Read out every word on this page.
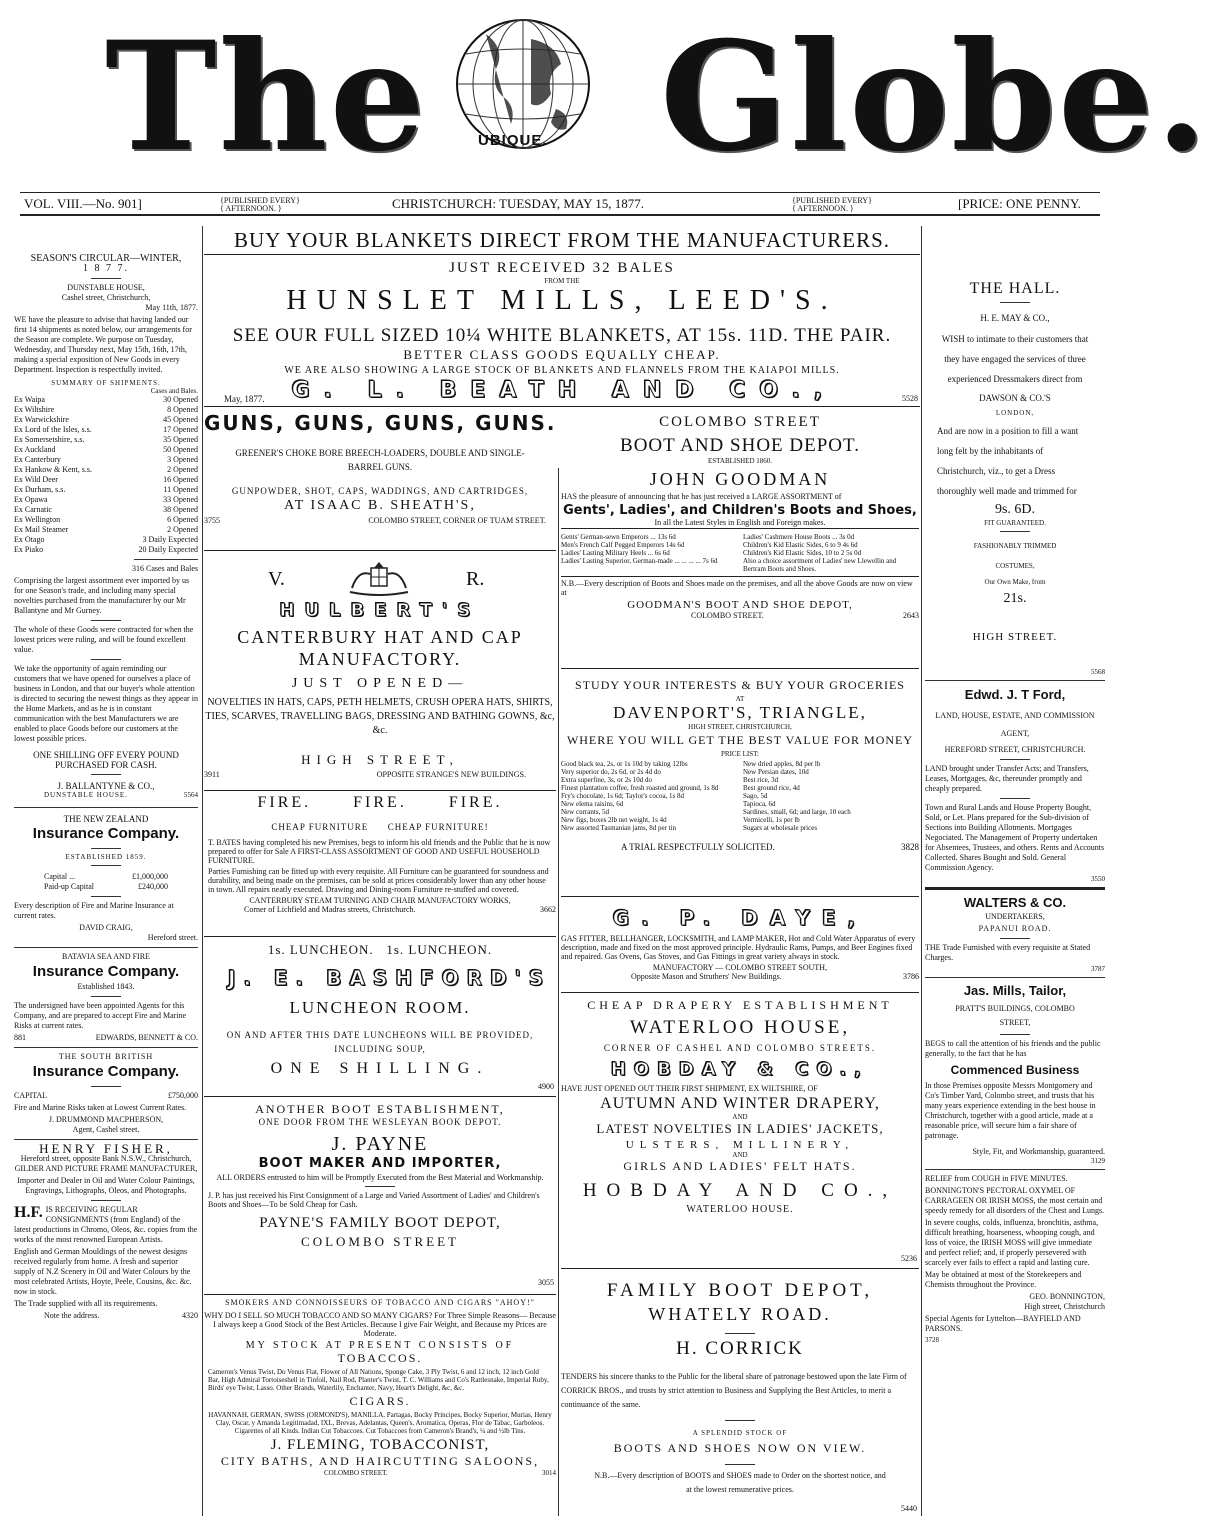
The	UBIQUE. Globe.
VOL. VIII.—No. 901]	{PUBLISHED EVERY}
{ AFTERNOON. }	CHRISTCHURCH: TUESDAY, MAY 15, 1877.	{PUBLISHED EVERY}
{ AFTERNOON. }	[PRICE: ONE PENNY.
SEASON'S CIRCULAR—WINTER,
1 8 7 7.
DUNSTABLE HOUSE,
Cashel street, Christchurch,
May 11th, 1877.

WE have the pleasure to advise that having landed our first 14 shipments as noted below, our arrangements for the Season are complete. We purpose on Tuesday, Wednesday, and Thursday next, May 15th, 16th, 17th, making a special exposition of New Goods in every Department. Inspection is respectfully invited.

SUMMARY OF SHIPMENTS.
Cases and Bales.
Ex Waipa	30 Opened
Ex Wiltshire	8 Opened
Ex Warwickshire	45 Opened
Ex Lord of the Isles, s.s.	17 Opened
Ex Somersetshire, s.s.	35 Opened
Ex Auckland	50 Opened
Ex Canterbury	3 Opened
Ex Hankow & Kent, s.s.	2 Opened
Ex Wild Deer	16 Opened
Ex Durham, s.s.	11 Opened
Ex Opawa	33 Opened
Ex Carnatic	38 Opened
Ex Wellington	6 Opened
Ex Mail Steamer	2 Opened
Ex Otago	3 Daily Expected
Ex Piako	20 Daily Expected
316 Cases and Bales

Comprising the largest assortment ever imported by us for one Season's trade, and including many special novelties purchased from the manufacturer by our Mr Ballantyne and Mr Gurney.

The whole of these Goods were contracted for when the lowest prices were ruling, and will be found excellent value.

We take the opportunity of again reminding our customers that we have opened for ourselves a place of business in London, and that our buyer's whole attention is directed to securing the newest things as they appear in the Home Markets, and as he is in constant communication with the best Manufacturers we are enabled to place Goods before our customers at the lowest possible prices.

ONE SHILLING OFF EVERY POUND PURCHASED FOR CASH.
J. BALLANTYNE & CO.,
DUNSTABLE HOUSE.	5564
THE NEW ZEALAND
Insurance Company.
ESTABLISHED 1859.
Capital ...	£1,000,000
Paid-up Capital	£240,000

Every description of Fire and Marine Insurance at current rates.

DAVID CRAIG,
Hereford street.
BATAVIA SEA AND FIRE
Insurance Company.
Established 1843.

The undersigned have been appointed Agents for this Company, and are prepared to accept Fire and Marine Risks at current rates.

881	EDWARDS, BENNETT & CO.
THE SOUTH BRITISH
Insurance Company.
CAPITAL	£750,000

Fire and Marine Risks taken at Lowest Current Rates.

J. DRUMMOND MACPHERSON,
Agent, Cashel street.
HENRY FISHER,
Hereford street, opposite Bank N.S.W., Christchurch,
GILDER AND PICTURE FRAME MANUFACTURER,

Importer and Dealer in Oil and Water Colour Paintings, Engravings, Lithographs, Oleos, and Photographs.

H.F. IS RECEIVING REGULAR CONSIGNMENTS (from England) of the latest productions in Chromo, Oleos, &c. copies from the works of the most renowned European Artists.

English and German Mouldings of the newest designs received regularly from home. A fresh and superior supply of N.Z Scenery in Oil and Water Colours by the most celebrated Artists, Hoyte, Peele, Cousins, &c. &c. now in stock.

The Trade supplied with all its requirements.

Note the address.	4320
THE HALL.
H. E. MAY & CO.,

WISH to intimate to their customers that they have engaged the services of three experienced Dressmakers direct from

DAWSON & CO.'S
LONDON,

And are now in a position to fill a want long felt by the inhabitants of Christchurch, viz., to get a Dress thoroughly well made and trimmed for

9s. 6D.
FIT GUARANTEED.

FASHIONABLY TRIMMED COSTUMES,

Our Own Make, from
21s.
HIGH STREET.
5568
Edwd. J. T Ford,

LAND, HOUSE, ESTATE, AND COMMISSION AGENT,

HEREFORD STREET, CHRISTCHURCH.

LAND brought under Transfer Acts; and Transfers, Leases, Mortgages, &c, thereunder promptly and cheaply prepared.

Town and Rural Lands and House Property Bought, Sold, or Let. Plans prepared for the Sub-division of Sections into Building Allotments. Mortgages Negociated. The Management of Property undertaken for Absentees, Trustees, and others. Rents and Accounts Collected. Shares Bought and Sold. General Commission Agency.

3550
WALTERS & CO.
UNDERTAKERS,
PAPANUI ROAD.

THE Trade Furnished with every requisite at Stated Charges.

3787
Jas. Mills, Tailor,

PRATT'S BUILDINGS, COLOMBO STREET,

BEGS to call the attention of his friends and the public generally, to the fact that he has

Commenced Business

In those Premises opposite Messrs Montgomery and Co's Timber Yard, Colombo street, and trusts that his many years experience extending in the best house in Christchurch, together with a good article, made at a reasonable price, will secure him a fair share of patronage.

Style, Fit, and Workmanship, guaranteed.
3129
RELIEF from COUGH in FIVE MINUTES.

BONNINGTON'S PECTORAL OXYMEL OF CARRAGEEN OR IRISH MOSS, the most certain and speedy remedy for all disorders of the Chest and Lungs.

In severe coughs, colds, influenza, bronchitis, asthma, difficult breathing, hoarseness, whooping cough, and loss of voice, the IRISH MOSS will give immediate and perfect relief; and, if properly persevered with scarcely ever fails to effect a rapid and lasting cure.

May be obtained at most of the Storekeepers and Chemists throughout the Province.

GEO. BONNINGTON,
High street, Christchurch

Special Agents for Lyttelton—BAYFIELD AND PARSONS.

3728
BUY YOUR BLANKETS DIRECT FROM THE MANUFACTURERS.
JUST RECEIVED 32 BALES
FROM THE
HUNSLET MILLS, LEED'S.
SEE OUR FULL SIZED 10¼ WHITE BLANKETS, AT 15s. 11D. THE PAIR.
BETTER CLASS GOODS EQUALLY CHEAP.
WE ARE ALSO SHOWING A LARGE STOCK OF BLANKETS AND FLANNELS FROM THE KAIAPOI MILLS.
May, 1877.	G. L. BEATH AND CO.,	5528
GUNS, GUNS, GUNS, GUNS.

GREENER'S CHOKE BORE BREECH-LOADERS, DOUBLE AND SINGLE-BARREL GUNS.

GUNPOWDER, SHOT, CAPS, WADDINGS, AND CARTRIDGES,
AT ISAAC B. SHEATH'S,
3755	COLOMBO STREET, CORNER OF TUAM STREET.
V.	R.
HULBERT'S
CANTERBURY HAT AND CAP MANUFACTORY.
JUST OPENED—

NOVELTIES IN HATS, CAPS, PETH HELMETS, CRUSH OPERA HATS, SHIRTS, TIES, SCARVES, TRAVELLING BAGS, DRESSING AND BATHING GOWNS, &c, &c.

HIGH STREET,
3911	OPPOSITE STRANGE'S NEW BUILDINGS.
FIRE.      FIRE.      FIRE.
CHEAP FURNITURE      CHEAP FURNITURE!

T. BATES having completed his new Premises, begs to inform his old friends and the Public that he is now prepared to offer for Sale A FIRST-CLASS ASSORTMENT OF GOOD AND USEFUL HOUSEHOLD FURNITURE.

Parties Furnishing can be fitted up with every requisite. All Furniture can be guaranteed for soundness and durability, and being made on the premises, can be sold at prices considerably lower than any other house in town. All repairs neatly executed. Drawing and Dining-room Furniture re-stuffed and covered.

CANTERBURY STEAM TURNING AND CHAIR MANUFACTORY WORKS,
Corner of Lichfield and Madras streets, Christchurch.	3662
1s. LUNCHEON.   1s. LUNCHEON.
J. E. BASHFORD'S
LUNCHEON ROOM.

ON AND AFTER THIS DATE LUNCHEONS WILL BE PROVIDED, INCLUDING SOUP,

ONE SHILLING.
4900
ANOTHER BOOT ESTABLISHMENT,
ONE DOOR FROM THE WESLEYAN BOOK DEPOT.
J. PAYNE
BOOT MAKER AND IMPORTER,

ALL ORDERS entrusted to him will be Promptly Executed from the Best Material and Workmanship.

J. P. has just received his First Consignment of a Large and Varied Assortment of Ladies' and Children's Boots and Shoes—To be Sold Cheap for Cash.

PAYNE'S FAMILY BOOT DEPOT,
COLOMBO STREET
3055
SMOKERS AND CONNOISSEURS OF TOBACCO AND CIGARS "AHOY!"

WHY DO I SELL SO MUCH TOBACCO AND SO MANY CIGARS? For Three Simple Reasons— Because I always keep a Good Stock of the Best Articles. Because I give Fair Weight, and Because my Prices are Moderate.

MY STOCK AT PRESENT CONSISTS OF
TOBACCOS.

Cameron's Venus Twist, Do Venus Flat, Flower of All Nations, Sponge Cake, 3 Ply Twist, 6 and 12 inch, 12 inch Gold Bar, High Admiral Tortoiseshell in Tinfoil, Nail Rod, Planter's Twist, T. C. Williams and Co's Rattlesnake, Imperial Ruby, Birds' eye Twist, Lasso. Other Brands, Waterlily, Enchanter, Navy, Heart's Delight, &c, &c.

CIGARS.

HAVANNAH, GERMAN, SWISS (ORMOND'S), MANILLA, Partagas, Bocky Principes, Bocky Superior, Murias, Henry Clay, Oscar, y Amanda Legitimadad, IXL, Brevas, Adelantas, Queen's, Aromatica, Operas, Flor de Tabac, Garboleos. Cigarettes of all Kinds. Indian Cut Tobaccoes. Cut Tobaccoes from Cameron's Brand's, ¼ and ½lb Tins.

J. FLEMING, TOBACCONIST,
CITY BATHS, AND HAIRCUTTING SALOONS,
COLOMBO STREET.	3014
COLOMBO STREET
BOOT AND SHOE DEPOT.
ESTABLISHED 1860.
JOHN GOODMAN

HAS the pleasure of announcing that he has just received a LARGE ASSORTMENT of

Gents', Ladies', and Children's Boots and Shoes,
In all the Latest Styles in English and Foreign makes.
Gents' German-sewn Emperors ... 13s 6d
Men's French Calf Pegged Emperors 14s 6d
Ladies' Lasting Military Heels ... 6s 6d
Ladies' Lasting Superior, German-made ... ... ... ... 7s 6d
Ladies' Cashmere House Boots ... 3s 0d
Children's Kid Elastic Sides, 6 to 9 4s 6d
Children's Kid Elastic Sides, 10 to 2 5s 0d
Also a choice assortment of Ladies' new Llewellin and Bertram Boots and Shoes.

N.B.—Every description of Boots and Shoes made on the premises, and all the above Goods are now on view at

GOODMAN'S BOOT AND SHOE DEPOT,
COLOMBO STREET.	2643
STUDY YOUR INTERESTS & BUY YOUR GROCERIES
AT
DAVENPORT'S, TRIANGLE,
HIGH STREET, CHRISTCHURCH,
WHERE YOU WILL GET THE BEST VALUE FOR MONEY
PRICE LIST:
Good black tea, 2s, or 1s 10d by taking 12lbs
Very superior do, 2s 6d, or 2s 4d do
Extra superfine, 3s, or 2s 10d do
Finest plantation coffee, fresh roasted and ground, 1s 8d
Fry's chocolate, 1s 6d; Taylor's cocoa, 1s 8d
New elema raisins, 6d
New currants, 5d
New figs, boxes 2lb net weight, 1s 4d
New assorted Tasmanian jams, 8d per tin
New dried apples, 8d per lb
New Persian dates, 10d
Best rice, 3d
Best ground rice, 4d
Sago, 5d
Tapioca, 6d
Sardines, small, 6d; and large, 10 each
Vermicelli, 1s per lb
Sugars at wholesale prices
A TRIAL RESPECTFULLY SOLICITED.	3828
G. P. DAYE,

GAS FITTER, BELLHANGER, LOCKSMITH, and LAMP MAKER, Hot and Cold Water Apparatus of every description, made and fixed on the most approved principle. Hydraulic Rams, Pumps, and Beer Engines fixed and repaired. Gas Ovens, Gas Stoves, and Gas Fittings in great variety always in stock.

MANUFACTORY — COLOMBO STREET SOUTH,
Opposite Mason and Struthers' New Buildings.	3786
CHEAP DRAPERY ESTABLISHMENT
WATERLOO HOUSE,
CORNER OF CASHEL AND COLOMBO STREETS.
HOBDAY & CO.,

HAVE JUST OPENED OUT THEIR FIRST SHIPMENT, EX WILTSHIRE, OF

AUTUMN AND WINTER DRAPERY,
AND
LATEST NOVELTIES IN LADIES' JACKETS,
ULSTERS, MILLINERY,
AND
GIRLS AND LADIES' FELT HATS.
HOBDAY AND CO.,
WATERLOO HOUSE.
5236
FAMILY BOOT DEPOT,
WHATELY ROAD.
H. CORRICK

TENDERS his sincere thanks to the Public for the liberal share of patronage bestowed upon the late Firm of CORRICK BROS., and trusts by strict attention to Business and Supplying the Best Articles, to merit a continuance of the same.

A SPLENDID STOCK OF
BOOTS AND SHOES NOW ON VIEW.

N.B.—Every description of BOOTS and SHOES made to Order on the shortest notice, and at the lowest remunerative prices.

5440
